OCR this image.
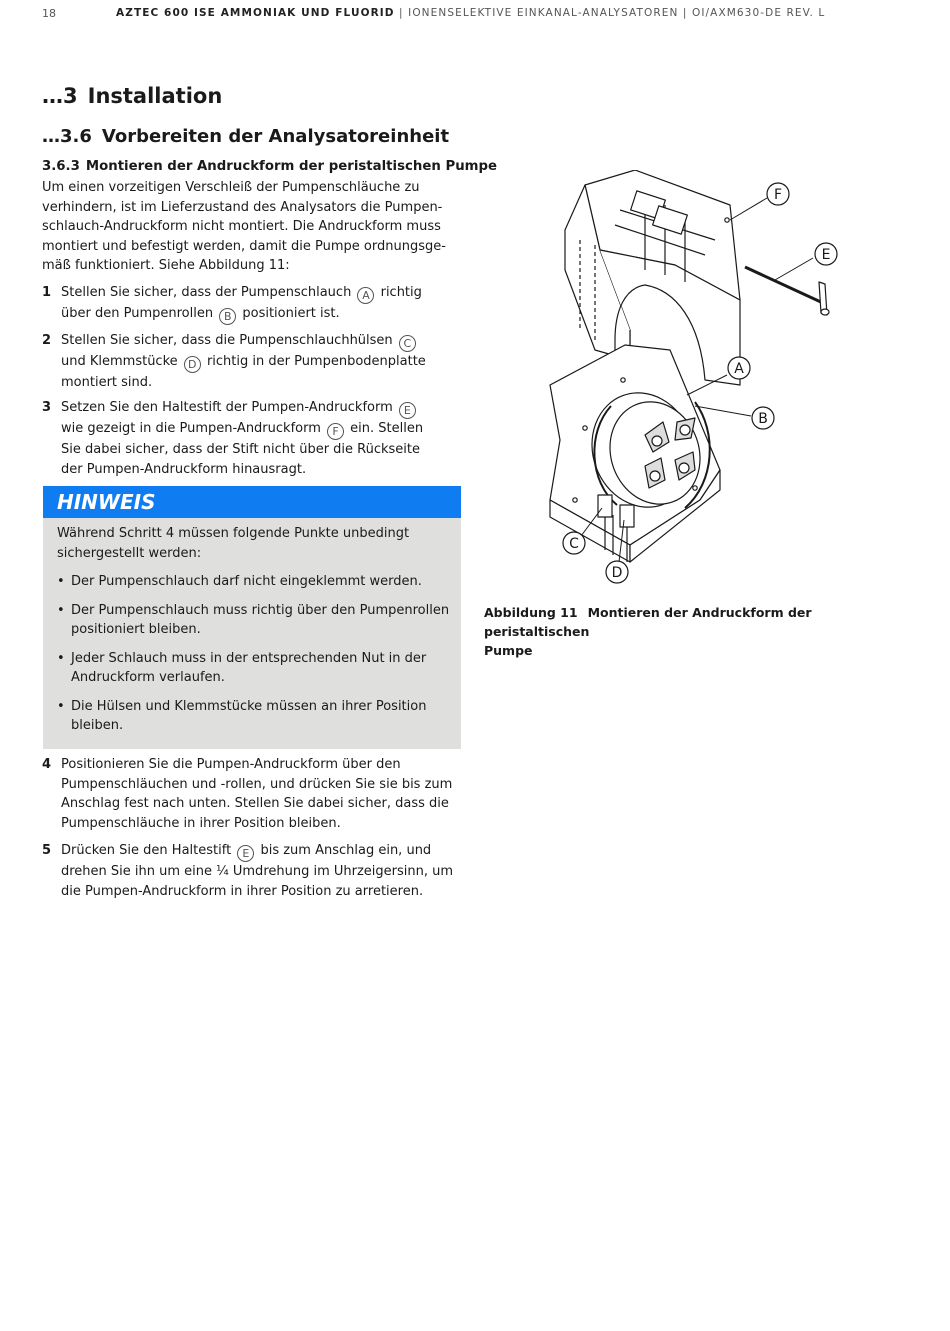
18	AZTEC 600 ISE AMMONIAK UND FLUORID | IONENSELEKTIVE EINKANAL-ANALYSATOREN | OI/AXM630-DE REV. L
…3 Installation
…3.6 Vorbereiten der Analysatoreinheit
3.6.3 Montieren der Andruckform der peristaltischen Pumpe
Um einen vorzeitigen Verschleiß der Pumpenschläuche zu
verhindern, ist im Lieferzustand des Analysators die Pumpen-
schlauch-Andruckform nicht montiert. Die Andruckform muss
montiert und befestigt werden, damit die Pumpe ordnungsge-
mäß funktioniert. Siehe Abbildung 11:
1 Stellen Sie sicher, dass der Pumpenschlauch A richtig
über den Pumpenrollen B positioniert ist.
2 Stellen Sie sicher, dass die Pumpenschlauchhülsen C
und Klemmstücke D richtig in der Pumpenbodenplatte
montiert sind.
3 Setzen Sie den Haltestift der Pumpen-Andruckform E
wie gezeigt in die Pumpen-Andruckform F ein. Stellen
Sie dabei sicher, dass der Stift nicht über die Rückseite
der Pumpen-Andruckform hinausragt.
HINWEIS

Während Schritt 4 müssen folgende Punkte unbedingt
sichergestellt werden:

• Der Pumpenschlauch darf nicht eingeklemmt werden.
• Der Pumpenschlauch muss richtig über den Pumpenrollen
positioniert bleiben.
• Jeder Schlauch muss in der entsprechenden Nut in der
Andruckform verlaufen.
• Die Hülsen und Klemmstücke müssen an ihrer Position
bleiben.
4 Positionieren Sie die Pumpen-Andruckform über den
Pumpenschläuchen und -rollen, und drücken Sie sie bis zum
Anschlag fest nach unten. Stellen Sie dabei sicher, dass die
Pumpenschläuche in ihrer Position bleiben.
5 Drücken Sie den Haltestift E bis zum Anschlag ein, und
drehen Sie ihn um eine ¼ Umdrehung im Uhrzeigersinn, um
die Pumpen-Andruckform in ihrer Position zu arretieren.
F
E
A
B
C
D
Abbildung 11 Montieren der Andruckform der peristaltischen
Pumpe
